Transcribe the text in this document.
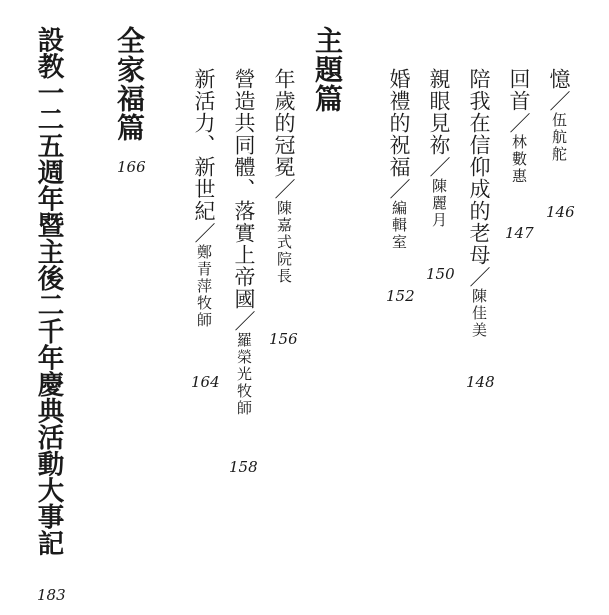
憶／伍航舵
146
回首／林數惠
147
陪我在信仰成的老母／陳佳美
148
親眼見祢／陳麗月
150
婚禮的祝福／編輯室
152
主題篇
年歲的冠冕／陳嘉式院長
156
營造共同體、落實上帝國／羅榮光牧師
158
新活力、新世紀／鄭青萍牧師
164
全家福篇
166
設教一二五週年暨主後二千年慶典活動大事記
183
